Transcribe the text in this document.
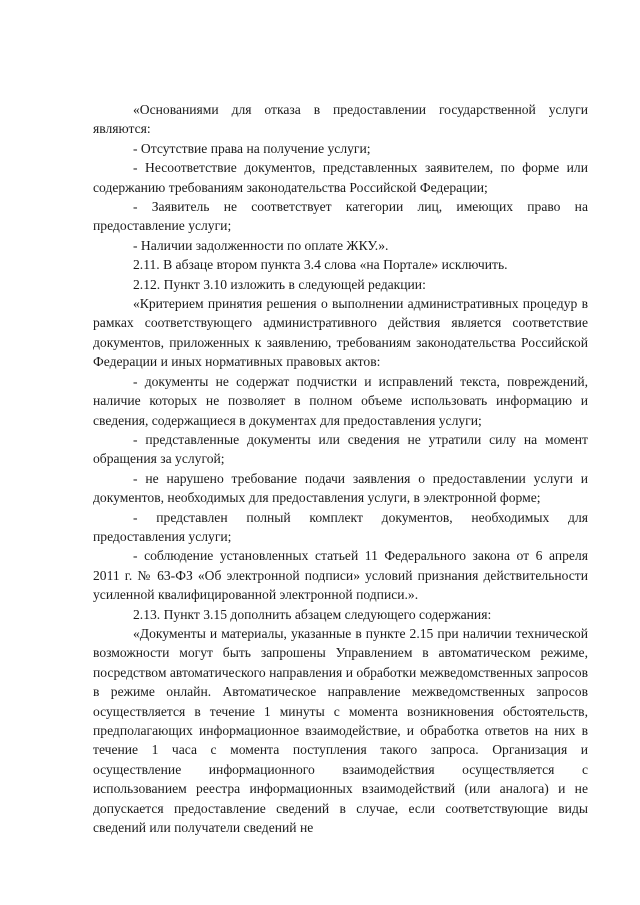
«Основаниями для отказа в предоставлении государственной услуги являются:

- Отсутствие права на получение услуги;

- Несоответствие документов, представленных заявителем, по форме или содержанию требованиям законодательства Российской Федерации;

- Заявитель не соответствует категории лиц, имеющих право на предоставление услуги;

- Наличии задолженности по оплате ЖКУ.».

2.11. В абзаце втором пункта 3.4 слова «на Портале» исключить.

2.12. Пункт 3.10 изложить в следующей редакции:

«Критерием принятия решения о выполнении административных процедур в рамках соответствующего административного действия является соответствие документов, приложенных к заявлению, требованиям законодательства Российской Федерации и иных нормативных правовых актов:

- документы не содержат подчистки и исправлений текста, повреждений, наличие которых не позволяет в полном объеме использовать информацию и сведения, содержащиеся в документах для предоставления услуги;

- представленные документы или сведения не утратили силу на момент обращения за услугой;

- не нарушено требование подачи заявления о предоставлении услуги и документов, необходимых для предоставления услуги, в электронной форме;

- представлен полный комплект документов, необходимых для предоставления услуги;

- соблюдение установленных статьей 11 Федерального закона от 6 апреля 2011 г. № 63-ФЗ «Об электронной подписи» условий признания действительности усиленной квалифицированной электронной подписи.».

2.13. Пункт 3.15 дополнить абзацем следующего содержания:

«Документы и материалы, указанные в пункте 2.15 при наличии технической возможности могут быть запрошены Управлением в автоматическом режиме, посредством автоматического направления и обработки межведомственных запросов в режиме онлайн. Автоматическое направление межведомственных запросов осуществляется в течение 1 минуты с момента возникновения обстоятельств, предполагающих информационное взаимодействие, и обработка ответов на них в течение 1 часа с момента поступления такого запроса. Организация и осуществление информационного взаимодействия осуществляется с использованием реестра информационных взаимодействий (или аналога) и не допускается предоставление сведений в случае, если соответствующие виды сведений или получатели сведений не
